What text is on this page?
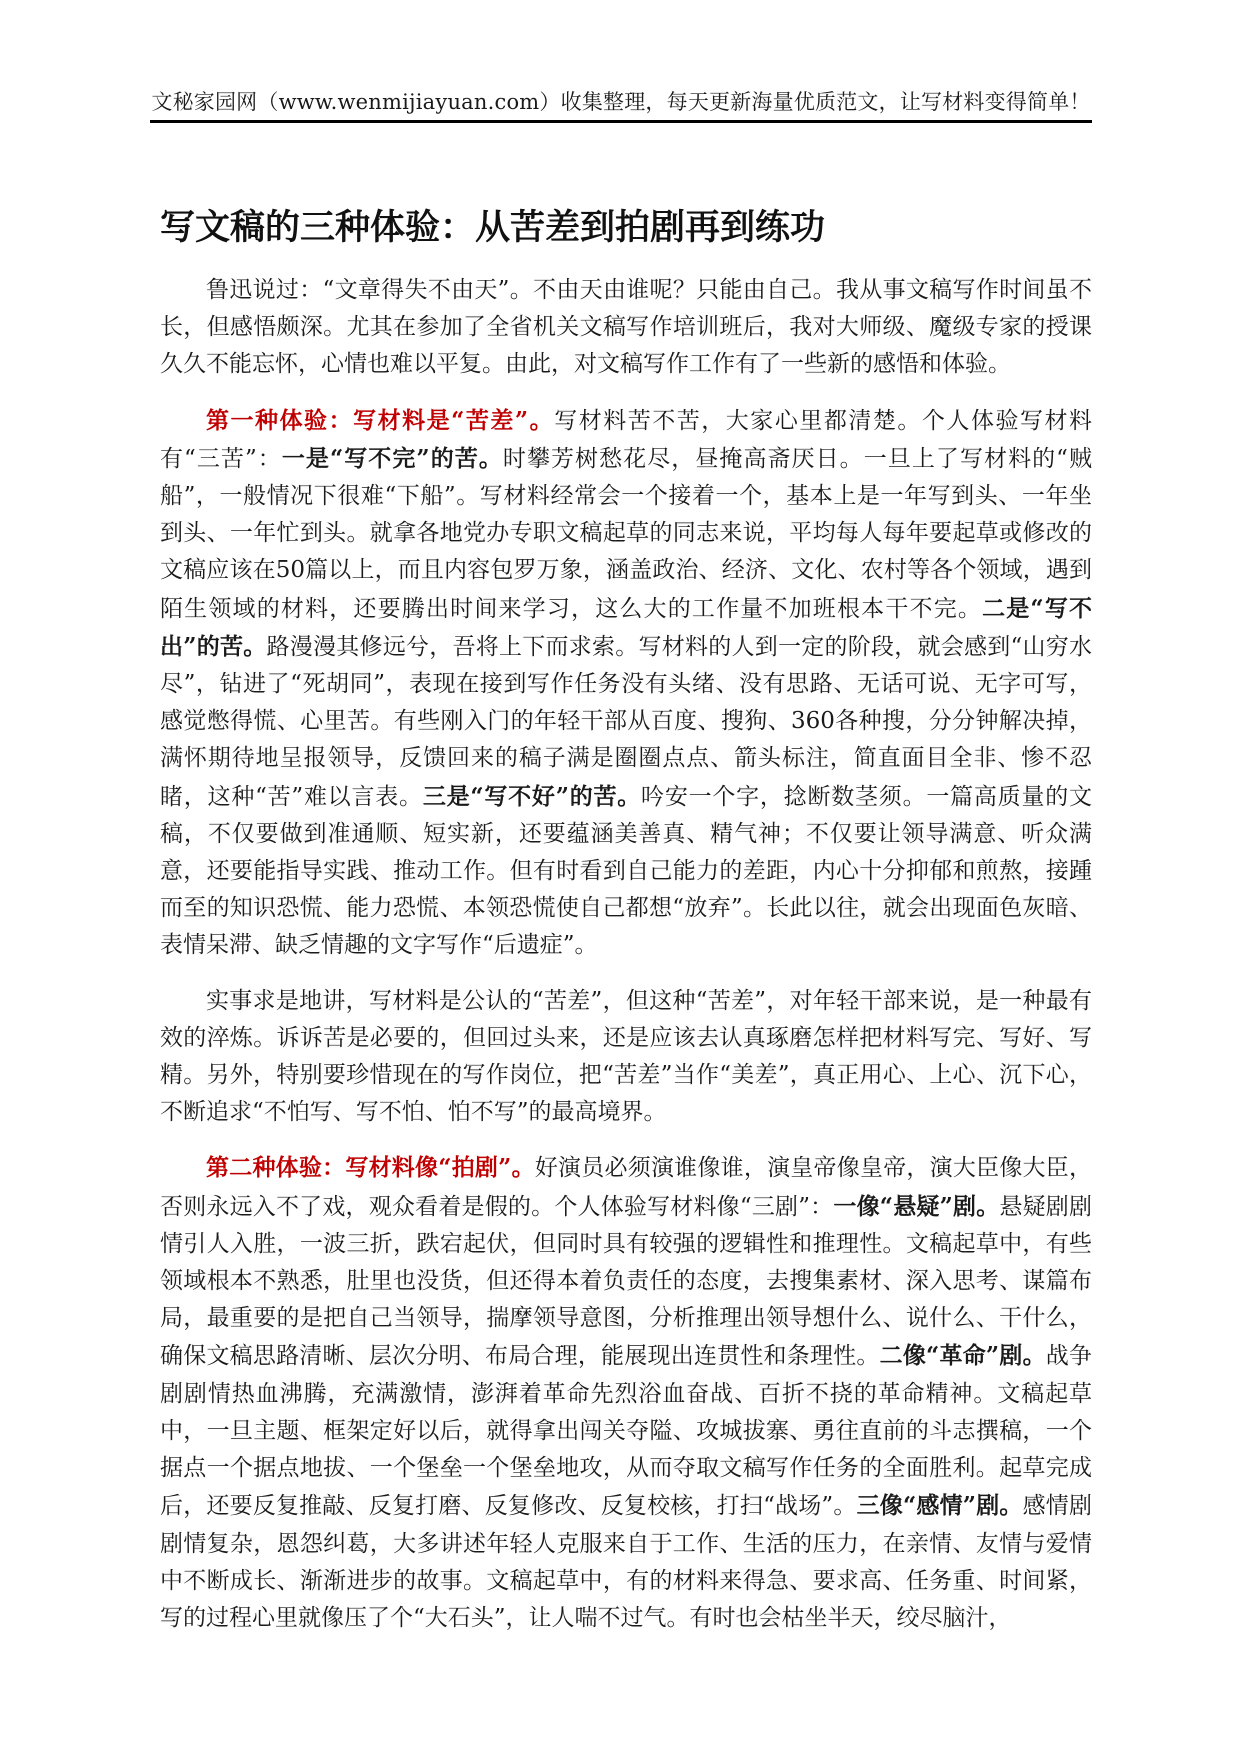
文秘家园网（www.wenmijiayuan.com）收集整理，每天更新海量优质范文，让写材料变得简单！
写文稿的三种体验：从苦差到拍剧再到练功

鲁迅说过：“文章得失不由天”。不由天由谁呢？只能由自己。我从事文稿写作时间虽不长，但感悟颇深。尤其在参加了全省机关文稿写作培训班后，我对大师级、魔级专家的授课久久不能忘怀，心情也难以平复。由此，对文稿写作工作有了一些新的感悟和体验。

第一种体验：写材料是“苦差”。写材料苦不苦，大家心里都清楚。个人体验写材料有“三苦”：一是“写不完”的苦。时攀芳树愁花尽，昼掩高斋厌日。一旦上了写材料的“贼船”，一般情况下很难“下船”。写材料经常会一个接着一个，基本上是一年写到头、一年坐到头、一年忙到头。就拿各地党办专职文稿起草的同志来说，平均每人每年要起草或修改的文稿应该在50篇以上，而且内容包罗万象，涵盖政治、经济、文化、农村等各个领域，遇到陌生领域的材料，还要腾出时间来学习，这么大的工作量不加班根本干不完。二是“写不出”的苦。路漫漫其修远兮，吾将上下而求索。写材料的人到一定的阶段，就会感到“山穷水尽”，钻进了“死胡同”，表现在接到写作任务没有头绪、没有思路、无话可说、无字可写，感觉憋得慌、心里苦。有些刚入门的年轻干部从百度、搜狗、360各种搜，分分钟解决掉，满怀期待地呈报领导，反馈回来的稿子满是圈圈点点、箭头标注，简直面目全非、惨不忍睹，这种“苦”难以言表。三是“写不好”的苦。吟安一个字，捻断数茎须。一篇高质量的文稿，不仅要做到准通顺、短实新，还要蕴涵美善真、精气神；不仅要让领导满意、听众满意，还要能指导实践、推动工作。但有时看到自己能力的差距，内心十分抑郁和煎熬，接踵而至的知识恐慌、能力恐慌、本领恐慌使自己都想“放弃”。长此以往，就会出现面色灰暗、表情呆滞、缺乏情趣的文字写作“后遗症”。

实事求是地讲，写材料是公认的“苦差”，但这种“苦差”，对年轻干部来说，是一种最有效的淬炼。诉诉苦是必要的，但回过头来，还是应该去认真琢磨怎样把材料写完、写好、写精。另外，特别要珍惜现在的写作岗位，把“苦差”当作“美差”，真正用心、上心、沉下心，不断追求“不怕写、写不怕、怕不写”的最高境界。

第二种体验：写材料像“拍剧”。好演员必须演谁像谁，演皇帝像皇帝，演大臣像大臣，否则永远入不了戏，观众看着是假的。个人体验写材料像“三剧”：一像“悬疑”剧。悬疑剧剧情引人入胜，一波三折，跌宕起伏，但同时具有较强的逻辑性和推理性。文稿起草中，有些领域根本不熟悉，肚里也没货，但还得本着负责任的态度，去搜集素材、深入思考、谋篇布局，最重要的是把自己当领导，揣摩领导意图，分析推理出领导想什么、说什么、干什么，确保文稿思路清晰、层次分明、布局合理，能展现出连贯性和条理性。二像“革命”剧。战争剧剧情热血沸腾，充满激情，澎湃着革命先烈浴血奋战、百折不挠的革命精神。文稿起草中，一旦主题、框架定好以后，就得拿出闯关夺隘、攻城拔寨、勇往直前的斗志撰稿，一个据点一个据点地拔、一个堡垒一个堡垒地攻，从而夺取文稿写作任务的全面胜利。起草完成后，还要反复推敲、反复打磨、反复修改、反复校核，打扫“战场”。三像“感情”剧。感情剧剧情复杂，恩怨纠葛，大多讲述年轻人克服来自于工作、生活的压力，在亲情、友情与爱情中不断成长、渐渐进步的故事。文稿起草中，有的材料来得急、要求高、任务重、时间紧，写的过程心里就像压了个“大石头”，让人喘不过气。有时也会枯坐半天，绞尽脑汁，
